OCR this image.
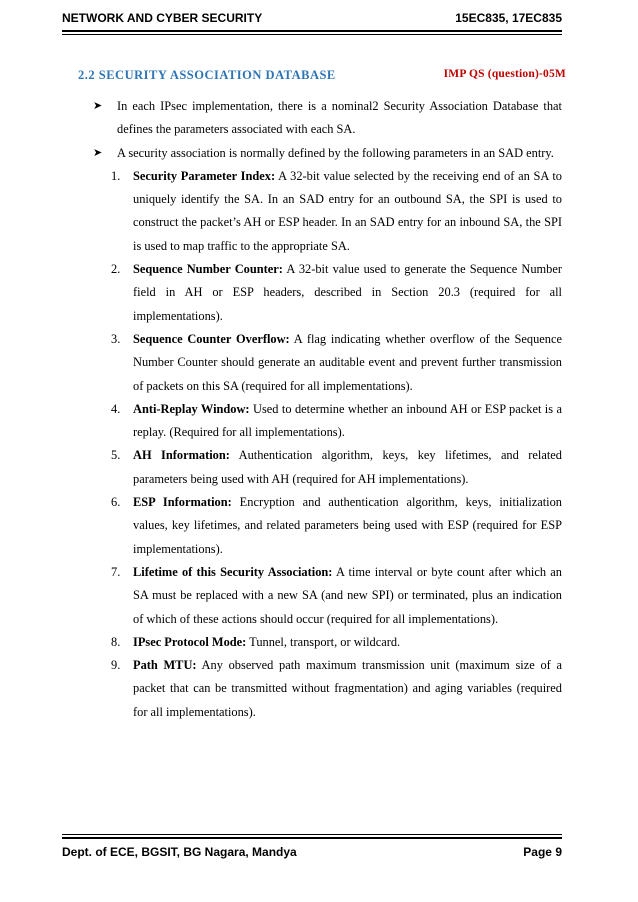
NETWORK AND CYBER SECURITY	15EC835, 17EC835
2.2 SECURITY ASSOCIATION DATABASE	IMP QS (question)-05M
➤ In each IPsec implementation, there is a nominal2 Security Association Database that defines the parameters associated with each SA.
➤ A security association is normally defined by the following parameters in an SAD entry.
1. Security Parameter Index: A 32-bit value selected by the receiving end of an SA to uniquely identify the SA. In an SAD entry for an outbound SA, the SPI is used to construct the packet’s AH or ESP header. In an SAD entry for an inbound SA, the SPI is used to map traffic to the appropriate SA.
2. Sequence Number Counter: A 32-bit value used to generate the Sequence Number field in AH or ESP headers, described in Section 20.3 (required for all implementations).
3. Sequence Counter Overflow: A flag indicating whether overflow of the Sequence Number Counter should generate an auditable event and prevent further transmission of packets on this SA (required for all implementations).
4. Anti-Replay Window: Used to determine whether an inbound AH or ESP packet is a replay. (Required for all implementations).
5. AH Information: Authentication algorithm, keys, key lifetimes, and related parameters being used with AH (required for AH implementations).
6. ESP Information: Encryption and authentication algorithm, keys, initialization values, key lifetimes, and related parameters being used with ESP (required for ESP implementations).
7. Lifetime of this Security Association: A time interval or byte count after which an SA must be replaced with a new SA (and new SPI) or terminated, plus an indication of which of these actions should occur (required for all implementations).
8. IPsec Protocol Mode: Tunnel, transport, or wildcard.
9. Path MTU: Any observed path maximum transmission unit (maximum size of a packet that can be transmitted without fragmentation) and aging variables (required for all implementations).
Dept. of ECE, BGSIT, BG Nagara, Mandya	Page 9
